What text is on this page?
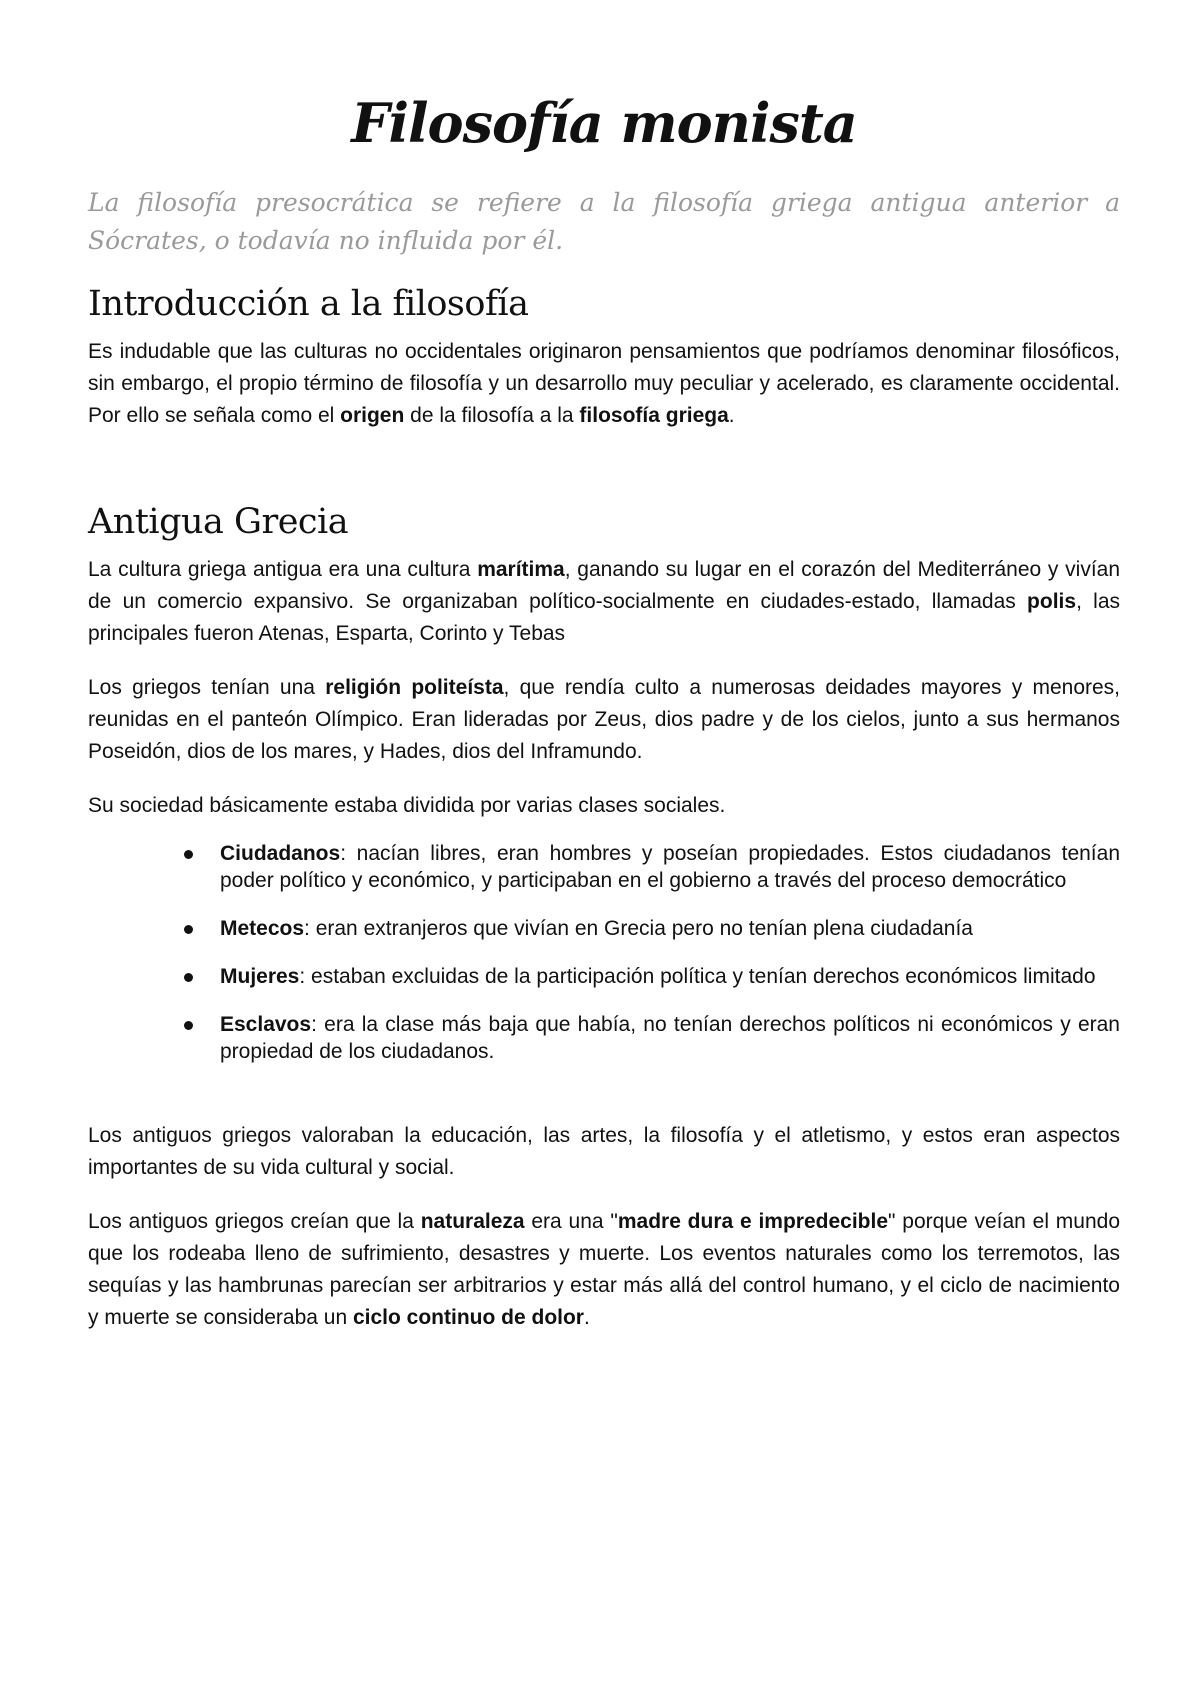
Filosofía monista

La filosofía presocrática se refiere a la filosofía griega antigua anterior a Sócrates, o todavía no influida por él.

Introducción a la filosofía

Es indudable que las culturas no occidentales originaron pensamientos que podríamos denominar filosóficos, sin embargo, el propio término de filosofía y un desarrollo muy peculiar y acelerado, es claramente occidental. Por ello se señala como el origen de la filosofía a la filosofía griega.

Antigua Grecia

La cultura griega antigua era una cultura marítima, ganando su lugar en el corazón del Mediterráneo y vivían de un comercio expansivo. Se organizaban político-socialmente en ciudades-estado, llamadas polis, las principales fueron Atenas, Esparta, Corinto y Tebas

Los griegos tenían una religión politeísta, que rendía culto a numerosas deidades mayores y menores, reunidas en el panteón Olímpico. Eran lideradas por Zeus, dios padre y de los cielos, junto a sus hermanos Poseidón, dios de los mares, y Hades, dios del Inframundo.

Su sociedad básicamente estaba dividida por varias clases sociales.

Ciudadanos: nacían libres, eran hombres y poseían propiedades. Estos ciudadanos tenían poder político y económico, y participaban en el gobierno a través del proceso democrático
Metecos: eran extranjeros que vivían en Grecia pero no tenían plena ciudadanía
Mujeres: estaban excluidas de la participación política y tenían derechos económicos limitado
Esclavos: era la clase más baja que había, no tenían derechos políticos ni económicos y eran propiedad de los ciudadanos.

Los antiguos griegos valoraban la educación, las artes, la filosofía y el atletismo, y estos eran aspectos importantes de su vida cultural y social.

Los antiguos griegos creían que la naturaleza era una "madre dura e impredecible" porque veían el mundo que los rodeaba lleno de sufrimiento, desastres y muerte. Los eventos naturales como los terremotos, las sequías y las hambrunas parecían ser arbitrarios y estar más allá del control humano, y el ciclo de nacimiento y muerte se consideraba un ciclo continuo de dolor.
